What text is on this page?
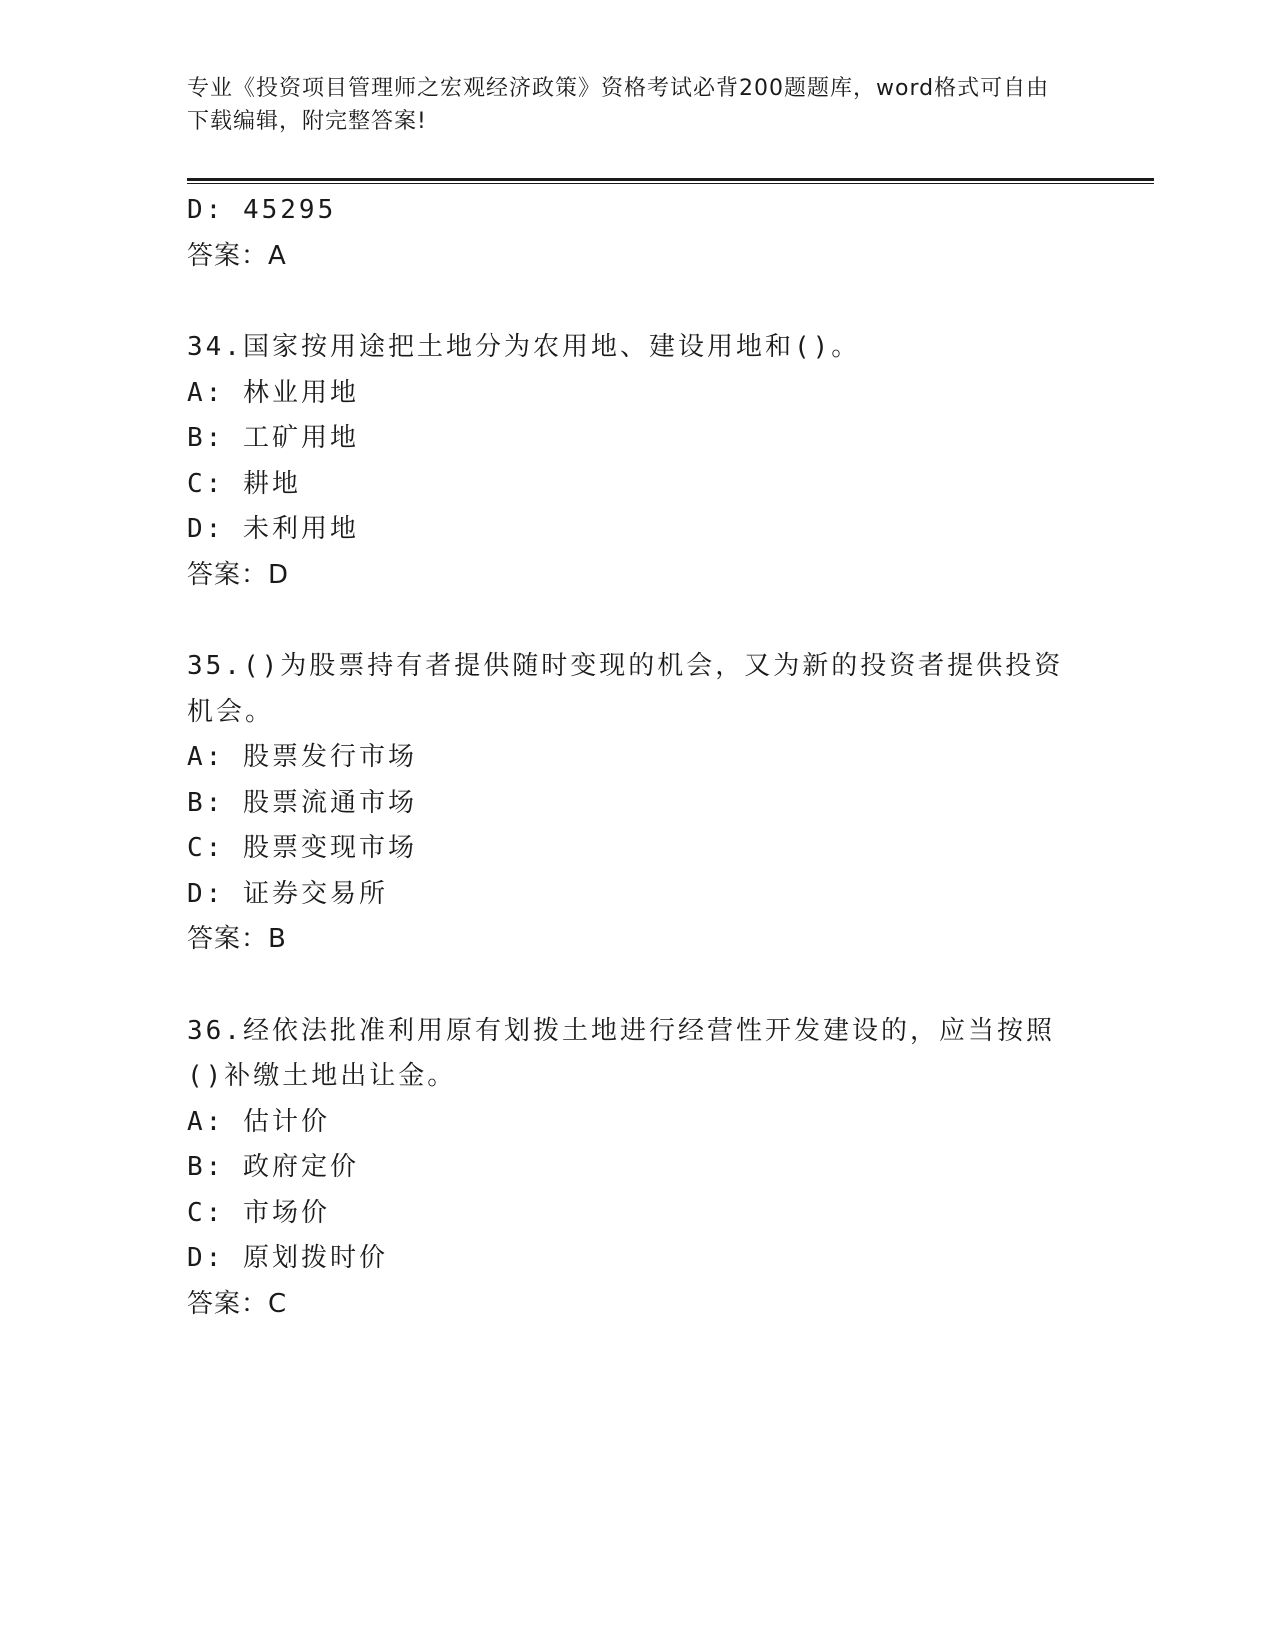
专业《投资项目管理师之宏观经济政策》资格考试必背200题题库，word格式可自由下载编辑，附完整答案!
D: 45295
答案：A
34.国家按用途把土地分为农用地、建设用地和()。
A: 林业用地
B: 工矿用地
C: 耕地
D: 未利用地
答案：D
35.()为股票持有者提供随时变现的机会，又为新的投资者提供投资机会。
A: 股票发行市场
B: 股票流通市场
C: 股票变现市场
D: 证券交易所
答案：B
36.经依法批准利用原有划拨土地进行经营性开发建设的，应当按照()补缴土地出让金。
A: 估计价
B: 政府定价
C: 市场价
D: 原划拨时价
答案：C
